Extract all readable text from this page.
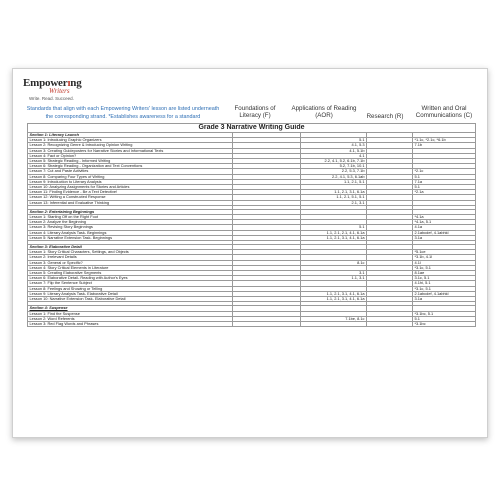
Empowerıng
Writers
Write. Read. Succeed.
Standards that align with each Empowering Writers' lesson are listed underneath the corresponding strand. *Establishes awareness for a standard
Foundations of Literacy (F)
Applications of Reading (AOR)	Research (R)
Written and Oral Communications (C)
Grade 3 Narrative Writing Guide				
Section 1: Literacy Launch				
Lesson 1: Introducing Graphic Organizers		5.1		*1.1c, *2.1c, *6.1b
Lesson 2: Recognizing Genre & Introducing Opinion Writing		4.1, 5.3		7.1b
Lesson 3: Creating Guideposters for Narrative Stories and Informational Texts		4.1, 5.1b		
Lesson 4: Fact or Opinion?		4.1		
Lesson 5: Strategic Reading - Informed Writing		2.2, 4.1, 5.2, 6.1b, 7.1b		
Lesson 6: Strategic Reading - Organization and Text Conventions		5.2, 7.1b, 10.1		
Lesson 7: Cut and Paste Activities		2.2, 5.3, 7.1b		*2.1c
Lesson 8: Comparing Four Types of Writing		2.2, 4.1, 5.3, 6.1ab		5.1
Lesson 9: Introduction to Literary Analysis		1.1, 2.1, 5.1		7.1a
Lesson 10: Analyzing Assignments for Stories and Articles				5.1
Lesson 11: Finding Evidence - Be a Text Detective!		1.1, 2.1, 3.1, 6.1a		*2.1a
Lesson 12: Writing a Constructed Response		1.1, 2.1, 5.1, 5.1		
Lesson 13: Inferential and Evaluative Thinking		2.1, 3.1		

Section 2: Entertaining Beginnings				
Lesson 1: Starting Off on the Right Foot				*4.1a
Lesson 2: Analyze the Beginning				*4.1a, 5.1
Lesson 3: Revising Story Beginnings		5.1		4.1a
Lesson 4: Literary Analysis Task- Beginnings		1.1, 2.1, 2.1, 4.1, 6.1a		2.1abcdef, 4.1abhkl
Lesson 5: Narrative Extension Task- Beginnings		1.1, 2.1, 3.1, 4.1, 6.1a		3.1a

Section 3: Elaborative Detail				
Lesson 1: Story Critical Characters, Settings, and Objects				*5.1ce
Lesson 2: Irrelevant Details				*3.1b, 4.1l
Lesson 3: General or Specific?		8.1c		4.1l
Lesson 4: Story Critical Elements in Literature				*3.1c, 5.1
Lesson 5: Creating Elaborative Segments		3.1		8.1ae
Lesson 6: Elaborative Detail- Reading with Author's Eyes		1.1, 3.1		3.1c, 5.1
Lesson 7: Flip the Sentence Subject				4.1hi, 5.1
Lesson 8: Feelings and Showing or Telling				*3.1c, 5.1
Lesson 9: Literary Analysis Task- Elaborative Detail		1.1, 2.1, 3.1, 4.1, 6.1a		2.1abcdef, 4.1abhkl
Lesson 10: Narrative Extension Task- Elaborative Detail		1.1, 2.1, 3.1, 4.1, 6.1a		3.1a

Section 4: Suspense				
Lesson 1: Find the Suspense				*3.1bc, 5.1
Lesson 2: Word Referents		7.1be, 8.1c		5.1
Lesson 3: Red Flag Words and Phrases				*3.1bc
